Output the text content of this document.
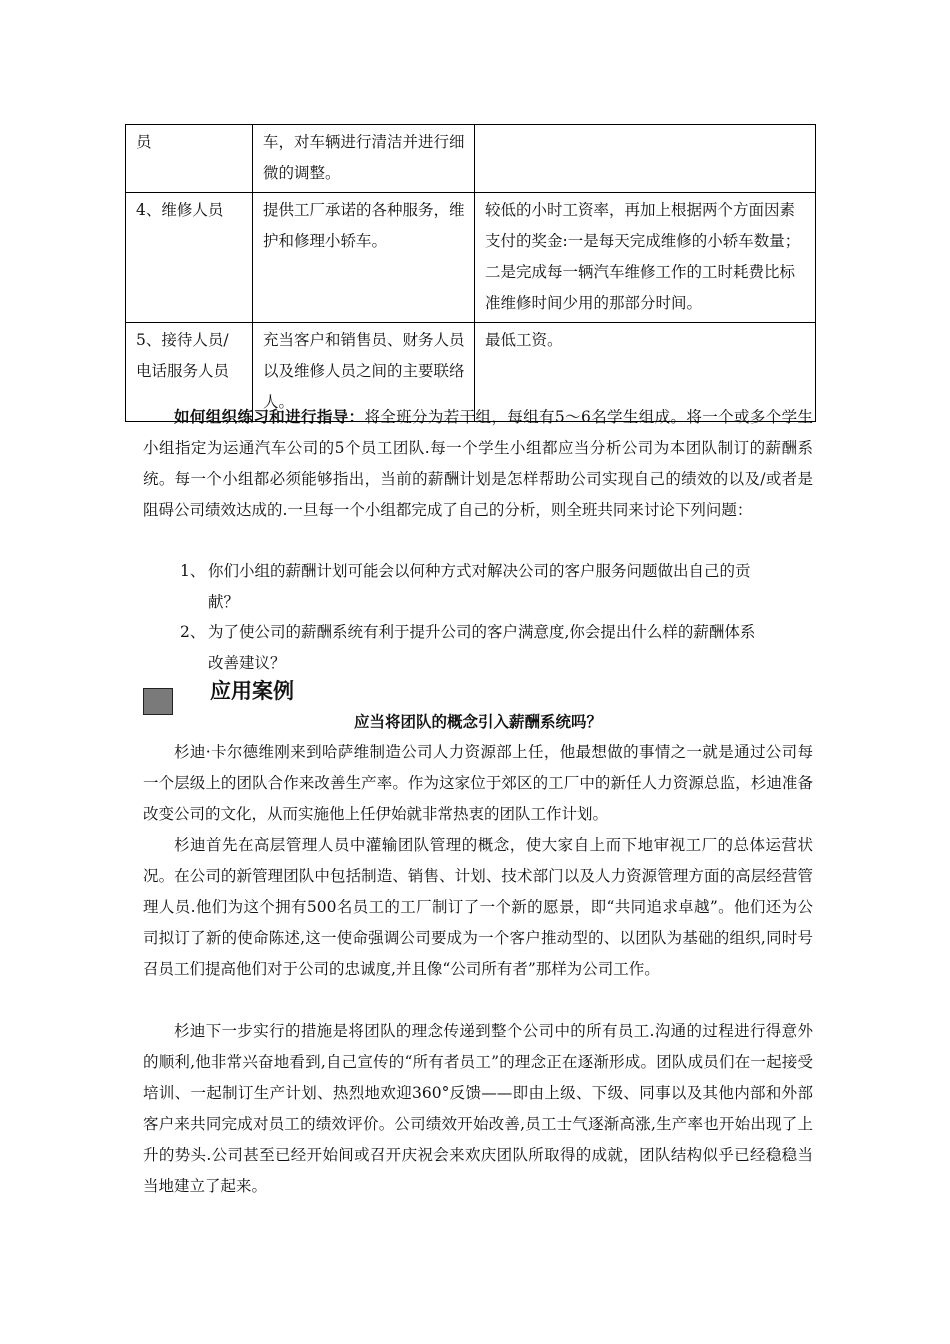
员	车，对车辆进行清洁并进行细微的调整。	
4、维修人员	提供工厂承诺的各种服务，维护和修理小轿车。	较低的小时工资率，再加上根据两个方面因素支付的奖金:一是每天完成维修的小轿车数量；二是完成每一辆汽车维修工作的工时耗费比标准维修时间少用的那部分时间。
5、接待人员/电话服务人员	充当客户和销售员、财务人员以及维修人员之间的主要联络人。	最低工资。

如何组织练习和进行指导：将全班分为若干组，每组有5～6名学生组成。将一个或多个学生小组指定为运通汽车公司的5个员工团队.每一个学生小组都应当分析公司为本团队制订的薪酬系统。每一个小组都必须能够指出，当前的薪酬计划是怎样帮助公司实现自己的绩效的以及/或者是阻碍公司绩效达成的.一旦每一个小组都完成了自己的分析，则全班共同来讨论下列问题：

1、 你们小组的薪酬计划可能会以何种方式对解决公司的客户服务问题做出自己的贡
献？
2、 为了使公司的薪酬系统有利于提升公司的客户满意度,你会提出什么样的薪酬体系
改善建议？
应用案例
应当将团队的概念引入薪酬系统吗？

杉迪·卡尔德维刚来到哈萨维制造公司人力资源部上任，他最想做的事情之一就是通过公司每一个层级上的团队合作来改善生产率。作为这家位于郊区的工厂中的新任人力资源总监，杉迪准备改变公司的文化，从而实施他上任伊始就非常热衷的团队工作计划。

杉迪首先在高层管理人员中灌输团队管理的概念，使大家自上而下地审视工厂的总体运营状况。在公司的新管理团队中包括制造、销售、计划、技术部门以及人力资源管理方面的高层经营管理人员.他们为这个拥有500名员工的工厂制订了一个新的愿景，即“共同追求卓越”。他们还为公司拟订了新的使命陈述,这一使命强调公司要成为一个客户推动型的、以团队为基础的组织,同时号召员工们提高他们对于公司的忠诚度,并且像“公司所有者”那样为公司工作。

杉迪下一步实行的措施是将团队的理念传递到整个公司中的所有员工.沟通的过程进行得意外的顺利,他非常兴奋地看到,自己宣传的“所有者员工”的理念正在逐渐形成。团队成员们在一起接受培训、一起制订生产计划、热烈地欢迎360°反馈——即由上级、下级、同事以及其他内部和外部客户来共同完成对员工的绩效评价。公司绩效开始改善,员工士气逐渐高涨,生产率也开始出现了上升的势头.公司甚至已经开始间或召开庆祝会来欢庆团队所取得的成就，团队结构似乎已经稳稳当当地建立了起来。
